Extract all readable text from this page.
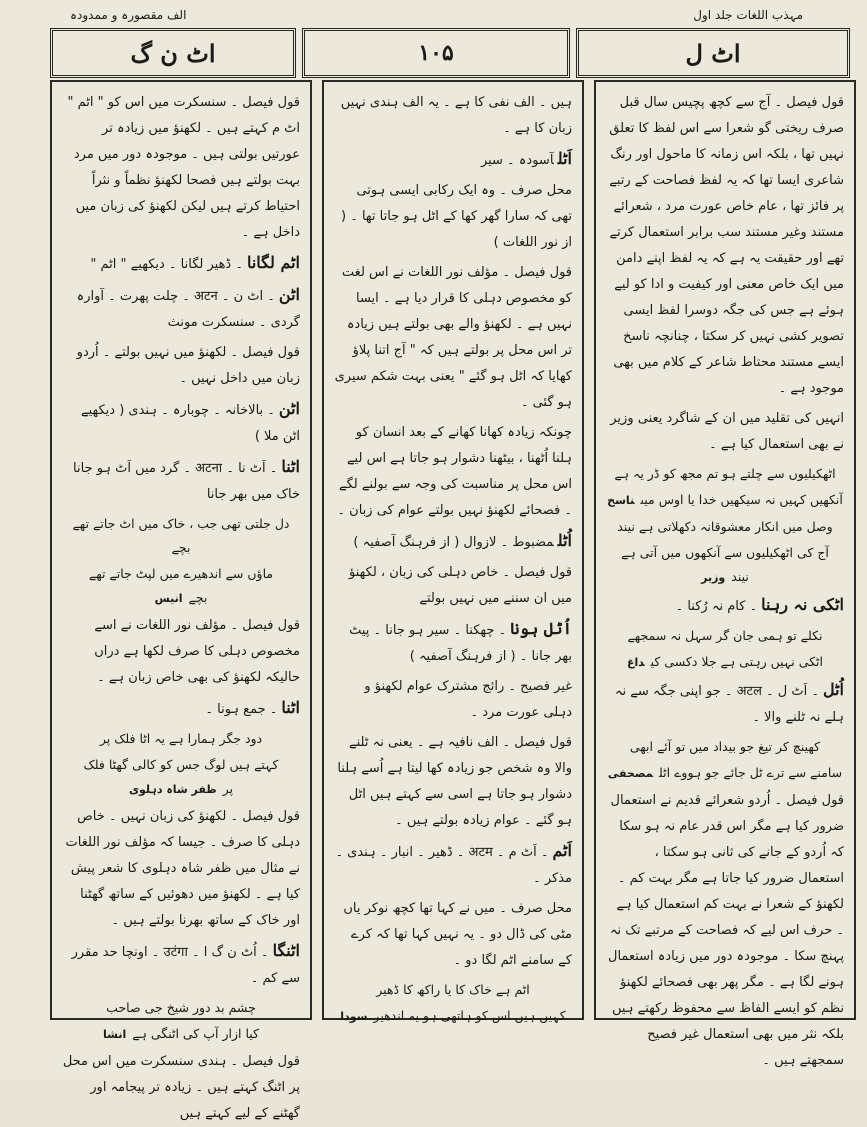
الف مقصورہ و ممدودہ	مہذب اللغات جلد اول
اٹ ن گ	۱۰۵	اٹ ل

قول فیصل ۔ آج سے کچھ پچیس سال قبل صرف ریختی گو شعرا سے اس لفظ کا تعلق نہیں تھا ، بلکہ اس زمانہ کا ماحول اور رنگ شاعری ایسا تھا کہ یہ لفظ فصاحت کے رتبے پر فائز تھا ، عام خاص عورت مرد ، شعرائے مستند وغیر مستند سب برابر استعمال کرتے تھے اور حقیقت یہ ہے کہ یہ لفظ اپنے دامن میں ایک خاص معنی اور کیفیت و ادا کو لیے ہوئے ہے جس کی جگہ دوسرا لفظ ایسی تصویر کشی نہیں کر سکتا ، چنانچہ ناسخ ایسے مستند محتاط شاعر کے کلام میں بھی موجود ہے ۔

انہیں کی تقلید میں ان کے شاگرد یعنی وزیر نے بھی استعمال کیا ہے ۔

اٹھکیلیوں سے چلتے ہو تم مجھ کو ڈر یہ ہے
آنکھیں کہیں نہ سیکھیں خدا یا اوس میںناسخ
وصل میں انکار معشوقانہ دکھلاتی ہے نیند
آج کی اٹھکیلیوں سے آنکھوں میں آتی ہے نیندوزیر

اٹکی نہ رہنا۔ کام نہ رُکنا ۔

نکلے تو ہمی جان گر سہل نہ سمجھے
اٹکی نہیں رہتی ہے جلا دکسی کیداغ

اُٹل۔ اَٹ ل ۔ अटल ۔ جو اپنی جگہ سے نہ ہلے نہ ٹلنے والا ۔

کھینچ کر تیغ جو بیداد میں تو آئے ابھی
سامنے سے ترے ٹل جائے جو ہووے اٹلمصحفی

قول فیصل ۔ اُردو شعرائے قدیم نے استعمال ضرور کیا ہے مگر اس قدر عام نہ ہو سکا کہ اُردو کے جانے کی ثانی ہو سکتا ، استعمال ضرور کیا جاتا ہے مگر بہت کم ۔ لکھنؤ کے شعرا نے بہت کم استعمال کیا ہے ۔ حرف اس لیے کہ فصاحت کے مرتبے تک نہ پہنچ سکا ۔ موجودہ دور میں زیادہ استعمال ہونے لگا ہے ۔ مگر پھر بھی فصحائے لکھنؤ نظم کو ایسے الفاظ سے محفوظ رکھتے ہیں بلکہ نثر میں بھی استعمال غیر فصیح سمجھتے ہیں ۔

ہیں ۔ الف نفی کا ہے ۔ یہ الف ہندی نہیں زبان کا ہے ۔

اَٹلآسودہ ۔ سیر

محل صرف ۔ وہ ایک رکابی ایسی ہوتی تھی کہ سارا گھر کھا کے اٹل ہو جاتا تھا ۔ ( از نور اللغات )

قول فیصل ۔ مؤلف نور اللغات نے اس لغت کو مخصوص دہلی کا قرار دیا ہے ۔ ایسا نہیں ہے ۔ لکھنؤ والے بھی بولتے ہیں زیادہ تر اس محل پر بولتے ہیں کہ " آج اتنا پلاؤ کھایا کہ اٹل ہو گئے " یعنی بہت شکم سیری ہو گئی ۔

چونکہ زیادہ کھانا کھانے کے بعد انسان کو ہلنا اُٹھنا ، بیٹھنا دشوار ہو جاتا ہے اس لیے اس محل پر مناسبت کی وجہ سے بولنے لگے ۔ فصحائے لکھنؤ نہیں بولتے عوام کی زبان ۔

اُٹلمضبوط ۔ لازوال ( از فرہنگ آصفیہ )

قول فیصل ۔ خاص دہلی کی زبان ، لکھنؤ میں ان سننے میں نہیں بولتے

اُٹل ہونا۔ چھکنا ۔ سیر ہو جانا ۔ پیٹ بھر جانا ۔ ( از فرہنگ آصفیہ )

غیر فصیح ۔ رائج مشترک عوام لکھنؤ و دہلی عورت مرد ۔

قول فیصل ۔ الف نافیہ ہے ۔ یعنی نہ ٹلنے والا وہ شخص جو زیادہ کھا لیتا ہے اُسے ہلنا دشوار ہو جاتا ہے اسی سے کہتے ہیں اٹل ہو گئے ۔ عوام زیادہ بولتے ہیں ۔

اَٹم۔ اَٹ م ۔ अटम ۔ ڈھیر ۔ انبار ۔ ہندی ۔ مذکر ۔

محل صرف ۔ میں نے کہا تھا کچھ نوکر یاں مٹی کی ڈال دو ۔ یہ نہیں کہا تھا کہ کرے کے سامنے اٹم لگا دو ۔

اٹم ہے خاک کا یا راکھ کا ڈھیر
کہیں ہیں اس کو ہاتھی ہو یہ اندھیرسودا

قول فیصل ۔ سنسکرت میں اس کو " اٹم " اٹ م کہتے ہیں ۔ لکھنؤ میں زیادہ تر عورتیں بولتی ہیں ۔ موجودہ دور میں مرد بہت بولتے ہیں فصحا لکھنؤ نظماً و نثراً احتیاط کرتے ہیں لیکن لکھنؤ کی زبان میں داخل ہے ۔

اٹم لگانا۔ ڈھیر لگانا ۔ دیکھیے " اٹم "

اٹن۔ اٹ ن ۔ अटन ۔ چلت پھرت ۔ آوارہ گردی ۔ سنسکرت مونث

قول فیصل ۔ لکھنؤ میں نہیں بولتے ۔ اُردو زبان میں داخل نہیں ۔

اٹن۔ بالاخانہ ۔ چوبارہ ۔ ہندی ( دیکھیے اٹن ملا )

اٹنا۔ اَٹ نا ۔ अटना ۔ گرد میں اَٹ ہو جانا خاک میں بھر جانا

دل جلتی تھی جب ، خاک میں اٹ جاتے تھے بچے
ماؤں سے اندھیرے میں لپٹ جاتے تھے بچےانیس

قول فیصل ۔ مؤلف نور اللغات نے اسے مخصوص دہلی کا صرف لکھا ہے دراں حالیکہ لکھنؤ کی بھی خاص زبان ہے ۔

اٹنا۔ جمع ہونا ۔

دود جگر ہمارا ہے یہ اٹا فلک پر
کہتے ہیں لوگ جس کو کالی گھٹا فلک پرظفر شاہ دہلوی

قول فیصل ۔ لکھنؤ کی زبان نہیں ۔ خاص دہلی کا صرف ۔ جیسا کہ مؤلف نور اللغات نے مثال میں ظفر شاہ دہلوی کا شعر پیش کیا ہے ۔ لکھنؤ میں دھوئیں کے ساتھ گھٹنا اور خاک کے ساتھ بھرنا بولتے ہیں ۔

اٹنگا۔ اُٹ ن گ ا ۔ उटंगा ۔ اونچا حد مقرر سے کم ۔

چشم بد دور شیخ جی صاحب
کیا ازار آپ کی اٹنگی ہےانشا

قول فیصل ۔ ہندی سنسکرت میں اس محل پر اٹنگ کہتے ہیں ۔ زیادہ تر پیجامہ اور گھٹنے کے لیے کہتے ہیں
